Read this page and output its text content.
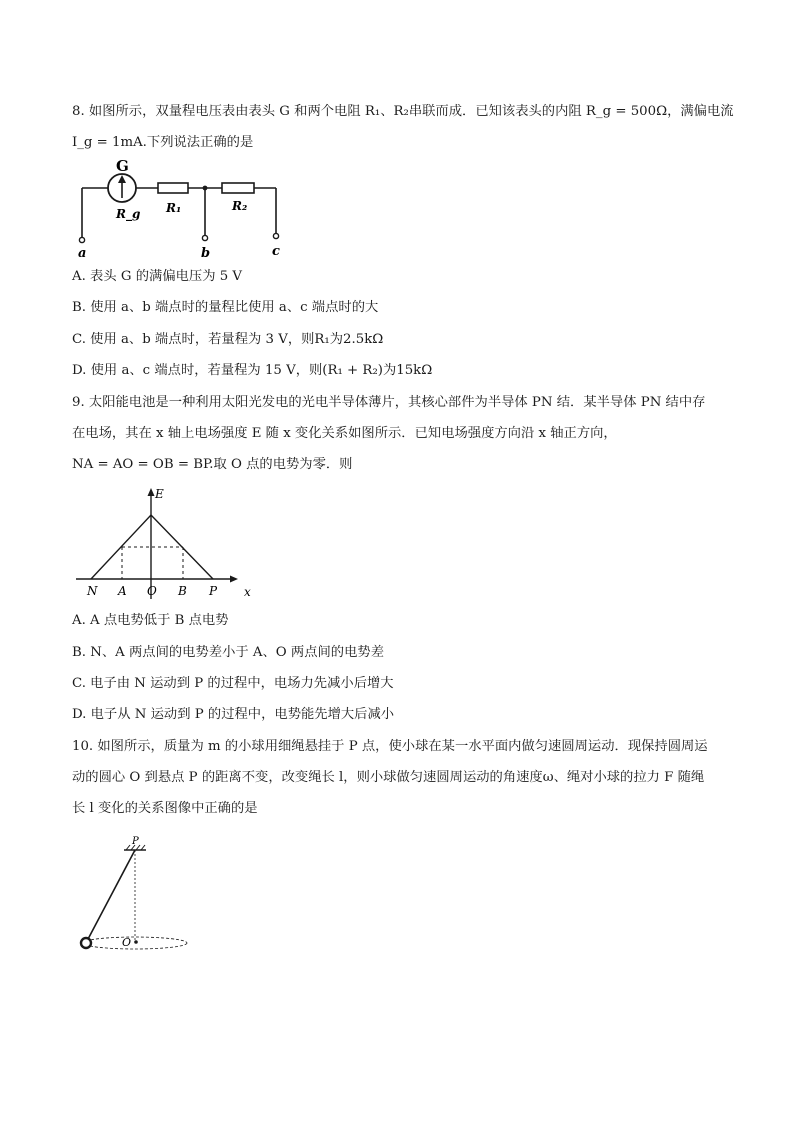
8. 如图所示，双量程电压表由表头 G 和两个电阻 R₁、R₂串联而成．已知该表头的内阻 R_g = 500Ω，满偏电流
I_g = 1mA.下列说法正确的是
G
R_g R₁	R₂
a	b	c
A. 表头 G 的满偏电压为 5 V
B. 使用 a、b 端点时的量程比使用 a、c 端点时的大
C. 使用 a、b 端点时，若量程为 3 V，则R₁为2.5kΩ
D. 使用 a、c 端点时，若量程为 15 V，则(R₁ + R₂)为15kΩ
9. 太阳能电池是一种利用太阳光发电的光电半导体薄片，其核心部件为半导体 PN 结．某半导体 PN 结中存
在电场，其在 x 轴上电场强度 E 随 x 变化关系如图所示．已知电场强度方向沿 x 轴正方向，
NA = AO = OB = BP.取 O 点的电势为零．则
E
x
N A O B P
A. A 点电势低于 B 点电势
B. N、A 两点间的电势差小于 A、O 两点间的电势差
C. 电子由 N 运动到 P 的过程中，电场力先减小后增大
D. 电子从 N 运动到 P 的过程中，电势能先增大后减小
10. 如图所示，质量为 m 的小球用细绳悬挂于 P 点，使小球在某一水平面内做匀速圆周运动．现保持圆周运
动的圆心 O 到悬点 P 的距离不变，改变绳长 l，则小球做匀速圆周运动的角速度ω、绳对小球的拉力 F 随绳
长 l 变化的关系图像中正确的是
P
O
